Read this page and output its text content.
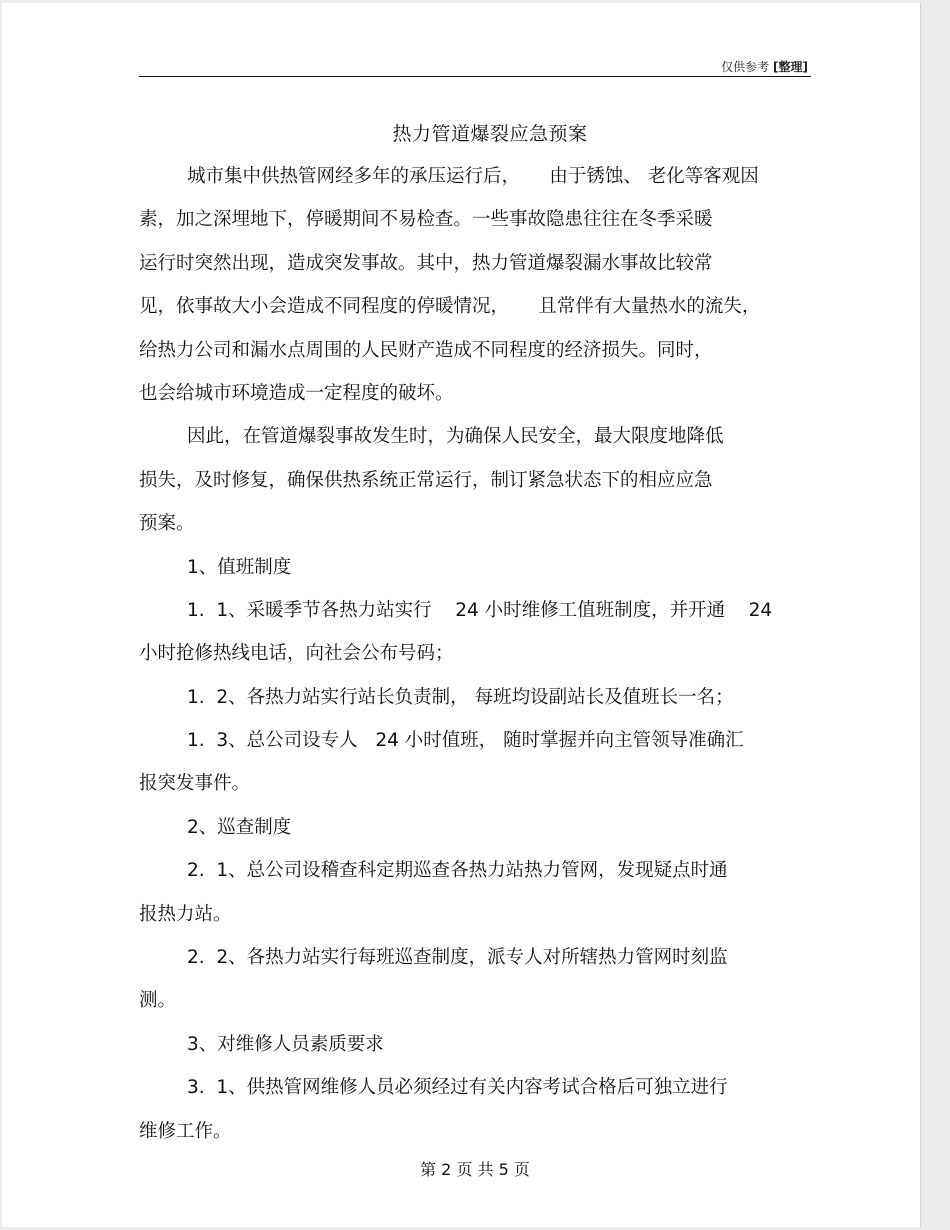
仅供参考 [整理]
热力管道爆裂应急预案
城市集中供热管网经多年的承压运行后，     由于锈蚀、 老化等客观因
素，加之深埋地下，停暖期间不易检查。一些事故隐患往往在冬季采暖
运行时突然出现，造成突发事故。其中，热力管道爆裂漏水事故比较常
见，依事故大小会造成不同程度的停暖情况，     且常伴有大量热水的流失，
给热力公司和漏水点周围的人民财产造成不同程度的经济损失。同时，
也会给城市环境造成一定程度的破坏。
因此，在管道爆裂事故发生时，为确保人民安全，最大限度地降低
损失，及时修复，确保供热系统正常运行，制订紧急状态下的相应应急
预案。
1、值班制度
1.  1、采暖季节各热力站实行    24 小时维修工值班制度，并开通    24
小时抢修热线电话，向社会公布号码；
1.  2、各热力站实行站长负责制， 每班均设副站长及值班长一名；
1.  3、总公司设专人   24 小时值班， 随时掌握并向主管领导准确汇
报突发事件。
2、巡查制度
2.  1、总公司设稽查科定期巡查各热力站热力管网，发现疑点时通
报热力站。
2.  2、各热力站实行每班巡查制度，派专人对所辖热力管网时刻监
测。
3、对维修人员素质要求
3.  1、供热管网维修人员必须经过有关内容考试合格后可独立进行
维修工作。
第 2 页 共 5 页
